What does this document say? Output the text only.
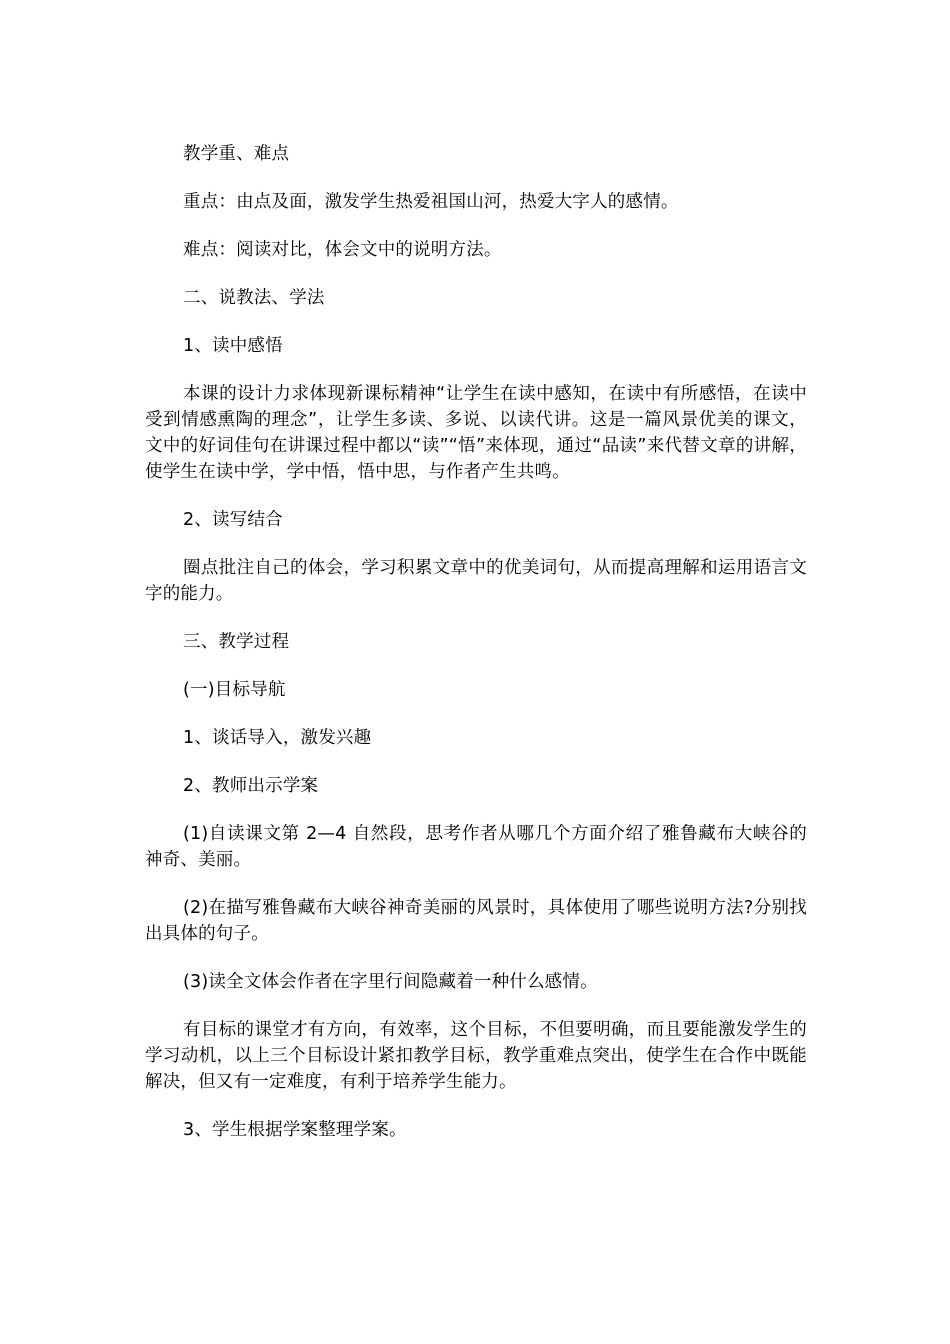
教学重、难点

重点：由点及面，激发学生热爱祖国山河，热爱大字人的感情。

难点：阅读对比，体会文中的说明方法。

二、说教法、学法

1、读中感悟

本课的设计力求体现新课标精神“让学生在读中感知，在读中有所感悟，在读中受到情感熏陶的理念”，让学生多读、多说、以读代讲。这是一篇风景优美的课文，文中的好词佳句在讲课过程中都以“读”“悟”来体现，通过“品读”来代替文章的讲解，使学生在读中学，学中悟，悟中思，与作者产生共鸣。

2、读写结合

圈点批注自己的体会，学习积累文章中的优美词句，从而提高理解和运用语言文字的能力。

三、教学过程

(一)目标导航

1、谈话导入，激发兴趣

2、教师出示学案

(1)自读课文第 2—4 自然段，思考作者从哪几个方面介绍了雅鲁藏布大峡谷的神奇、美丽。

(2)在描写雅鲁藏布大峡谷神奇美丽的风景时，具体使用了哪些说明方法?分别找出具体的句子。

(3)读全文体会作者在字里行间隐藏着一种什么感情。

有目标的课堂才有方向，有效率，这个目标，不但要明确，而且要能激发学生的学习动机，以上三个目标设计紧扣教学目标，教学重难点突出，使学生在合作中既能解决，但又有一定难度，有利于培养学生能力。

3、学生根据学案整理学案。
